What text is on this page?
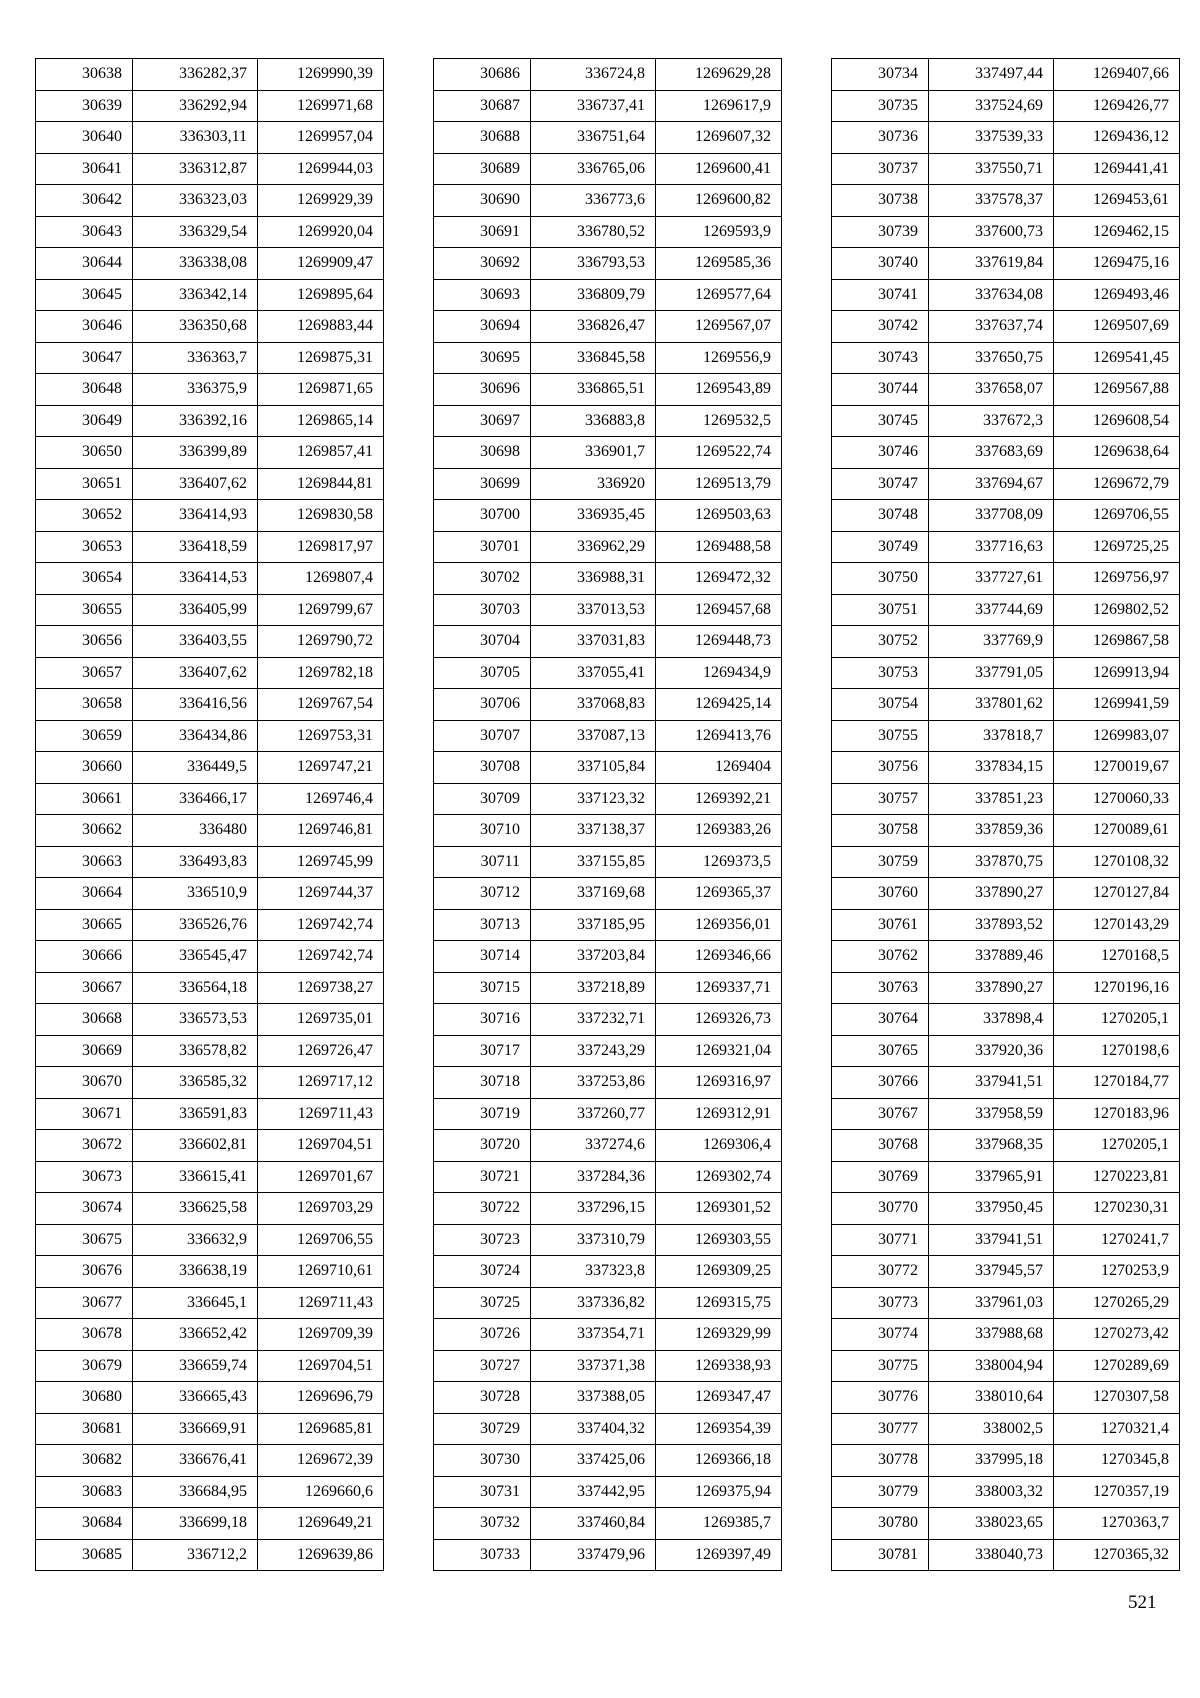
30638	336282,37	1269990,39
30639	336292,94	1269971,68
30640	336303,11	1269957,04
30641	336312,87	1269944,03
30642	336323,03	1269929,39
30643	336329,54	1269920,04
30644	336338,08	1269909,47
30645	336342,14	1269895,64
30646	336350,68	1269883,44
30647	336363,7	1269875,31
30648	336375,9	1269871,65
30649	336392,16	1269865,14
30650	336399,89	1269857,41
30651	336407,62	1269844,81
30652	336414,93	1269830,58
30653	336418,59	1269817,97
30654	336414,53	1269807,4
30655	336405,99	1269799,67
30656	336403,55	1269790,72
30657	336407,62	1269782,18
30658	336416,56	1269767,54
30659	336434,86	1269753,31
30660	336449,5	1269747,21
30661	336466,17	1269746,4
30662	336480	1269746,81
30663	336493,83	1269745,99
30664	336510,9	1269744,37
30665	336526,76	1269742,74
30666	336545,47	1269742,74
30667	336564,18	1269738,27
30668	336573,53	1269735,01
30669	336578,82	1269726,47
30670	336585,32	1269717,12
30671	336591,83	1269711,43
30672	336602,81	1269704,51
30673	336615,41	1269701,67
30674	336625,58	1269703,29
30675	336632,9	1269706,55
30676	336638,19	1269710,61
30677	336645,1	1269711,43
30678	336652,42	1269709,39
30679	336659,74	1269704,51
30680	336665,43	1269696,79
30681	336669,91	1269685,81
30682	336676,41	1269672,39
30683	336684,95	1269660,6
30684	336699,18	1269649,21
30685	336712,2	1269639,86
30686	336724,8	1269629,28
30687	336737,41	1269617,9
30688	336751,64	1269607,32
30689	336765,06	1269600,41
30690	336773,6	1269600,82
30691	336780,52	1269593,9
30692	336793,53	1269585,36
30693	336809,79	1269577,64
30694	336826,47	1269567,07
30695	336845,58	1269556,9
30696	336865,51	1269543,89
30697	336883,8	1269532,5
30698	336901,7	1269522,74
30699	336920	1269513,79
30700	336935,45	1269503,63
30701	336962,29	1269488,58
30702	336988,31	1269472,32
30703	337013,53	1269457,68
30704	337031,83	1269448,73
30705	337055,41	1269434,9
30706	337068,83	1269425,14
30707	337087,13	1269413,76
30708	337105,84	1269404
30709	337123,32	1269392,21
30710	337138,37	1269383,26
30711	337155,85	1269373,5
30712	337169,68	1269365,37
30713	337185,95	1269356,01
30714	337203,84	1269346,66
30715	337218,89	1269337,71
30716	337232,71	1269326,73
30717	337243,29	1269321,04
30718	337253,86	1269316,97
30719	337260,77	1269312,91
30720	337274,6	1269306,4
30721	337284,36	1269302,74
30722	337296,15	1269301,52
30723	337310,79	1269303,55
30724	337323,8	1269309,25
30725	337336,82	1269315,75
30726	337354,71	1269329,99
30727	337371,38	1269338,93
30728	337388,05	1269347,47
30729	337404,32	1269354,39
30730	337425,06	1269366,18
30731	337442,95	1269375,94
30732	337460,84	1269385,7
30733	337479,96	1269397,49
30734	337497,44	1269407,66
30735	337524,69	1269426,77
30736	337539,33	1269436,12
30737	337550,71	1269441,41
30738	337578,37	1269453,61
30739	337600,73	1269462,15
30740	337619,84	1269475,16
30741	337634,08	1269493,46
30742	337637,74	1269507,69
30743	337650,75	1269541,45
30744	337658,07	1269567,88
30745	337672,3	1269608,54
30746	337683,69	1269638,64
30747	337694,67	1269672,79
30748	337708,09	1269706,55
30749	337716,63	1269725,25
30750	337727,61	1269756,97
30751	337744,69	1269802,52
30752	337769,9	1269867,58
30753	337791,05	1269913,94
30754	337801,62	1269941,59
30755	337818,7	1269983,07
30756	337834,15	1270019,67
30757	337851,23	1270060,33
30758	337859,36	1270089,61
30759	337870,75	1270108,32
30760	337890,27	1270127,84
30761	337893,52	1270143,29
30762	337889,46	1270168,5
30763	337890,27	1270196,16
30764	337898,4	1270205,1
30765	337920,36	1270198,6
30766	337941,51	1270184,77
30767	337958,59	1270183,96
30768	337968,35	1270205,1
30769	337965,91	1270223,81
30770	337950,45	1270230,31
30771	337941,51	1270241,7
30772	337945,57	1270253,9
30773	337961,03	1270265,29
30774	337988,68	1270273,42
30775	338004,94	1270289,69
30776	338010,64	1270307,58
30777	338002,5	1270321,4
30778	337995,18	1270345,8
30779	338003,32	1270357,19
30780	338023,65	1270363,7
30781	338040,73	1270365,32
521
